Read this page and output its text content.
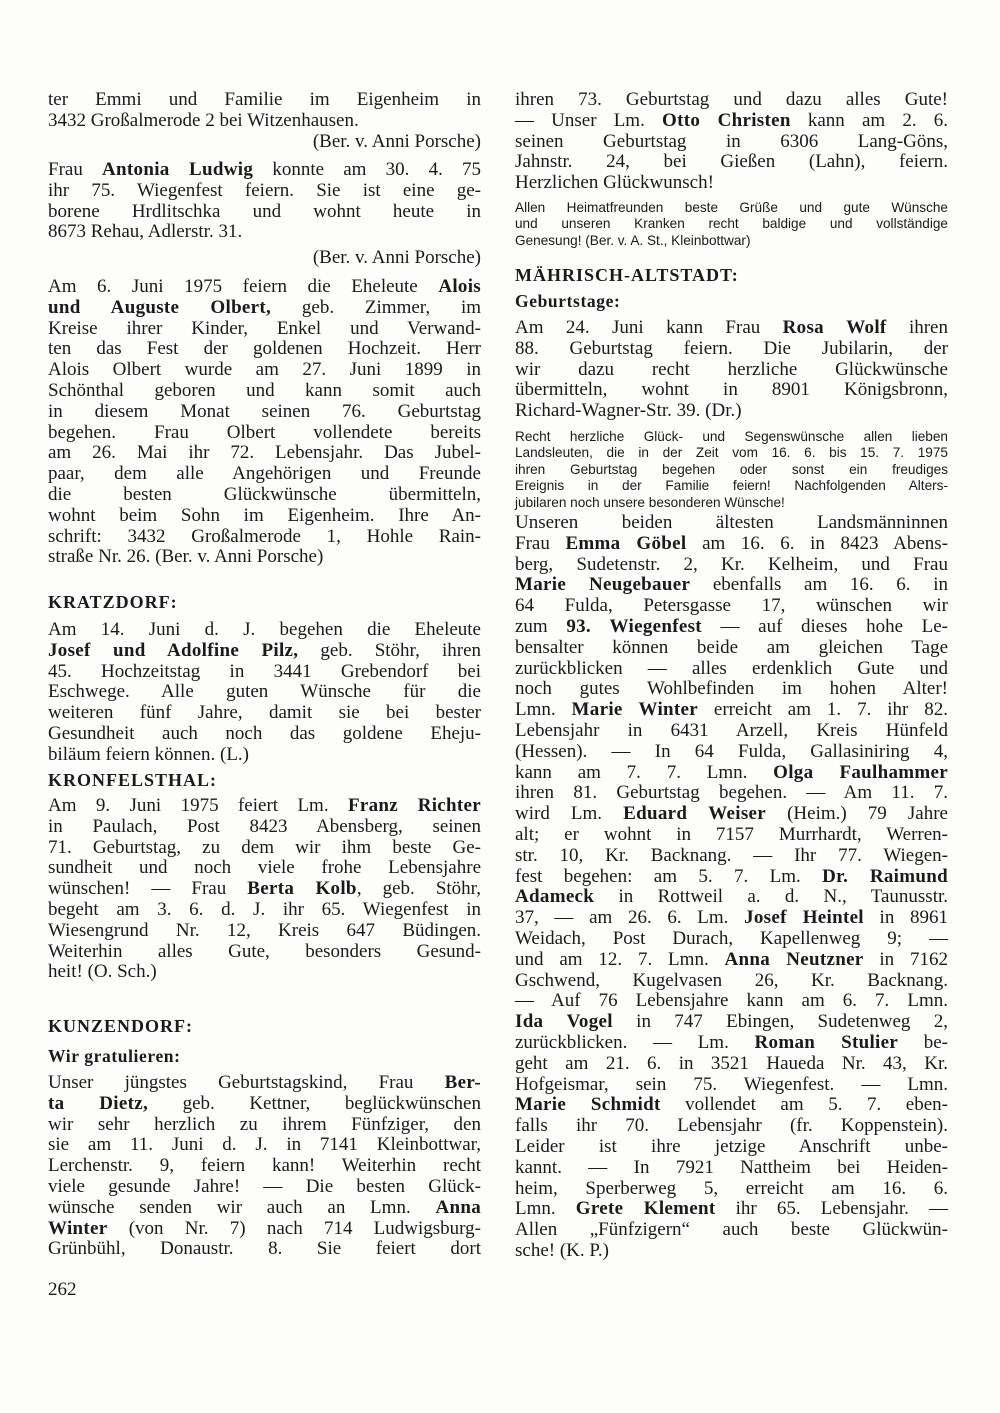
ter Emmi und Familie im Eigenheim in
3432 Großalmerode 2 bei Witzenhausen.
(Ber. v. Anni Porsche)
Frau Antonia Ludwig konnte am 30. 4. 75
ihr 75. Wiegenfest feiern. Sie ist eine ge-
borene Hrdlitschka und wohnt heute in
8673 Rehau, Adlerstr. 31.
(Ber. v. Anni Porsche)
Am 6. Juni 1975 feiern die Eheleute Alois
und Auguste Olbert, geb. Zimmer, im
Kreise ihrer Kinder, Enkel und Verwand-
ten das Fest der goldenen Hochzeit. Herr
Alois Olbert wurde am 27. Juni 1899 in
Schönthal geboren und kann somit auch
in diesem Monat seinen 76. Geburtstag
begehen. Frau Olbert vollendete bereits
am 26. Mai ihr 72. Lebensjahr. Das Jubel-
paar, dem alle Angehörigen und Freunde
die besten Glückwünsche übermitteln,
wohnt beim Sohn im Eigenheim. Ihre An-
schrift: 3432 Großalmerode 1, Hohle Rain-
straße Nr. 26. (Ber. v. Anni Porsche)
KRATZDORF:
Am 14. Juni d. J. begehen die Eheleute
Josef und Adolfine Pilz, geb. Stöhr, ihren
45. Hochzeitstag in 3441 Grebendorf bei
Eschwege. Alle guten Wünsche für die
weiteren fünf Jahre, damit sie bei bester
Gesundheit auch noch das goldene Eheju-
biläum feiern können. (L.)
KRONFELSTHAL:
Am 9. Juni 1975 feiert Lm. Franz Richter
in Paulach, Post 8423 Abensberg, seinen
71. Geburtstag, zu dem wir ihm beste Ge-
sundheit und noch viele frohe Lebensjahre
wünschen! — Frau Berta Kolb, geb. Stöhr,
begeht am 3. 6. d. J. ihr 65. Wiegenfest in
Wiesengrund Nr. 12, Kreis 647 Büdingen.
Weiterhin alles Gute, besonders Gesund-
heit! (O. Sch.)
KUNZENDORF:
Wir gratulieren:
Unser jüngstes Geburtstagskind, Frau Ber-
ta Dietz, geb. Kettner, beglückwünschen
wir sehr herzlich zu ihrem Fünfziger, den
sie am 11. Juni d. J. in 7141 Kleinbottwar,
Lerchenstr. 9, feiern kann! Weiterhin recht
viele gesunde Jahre! — Die besten Glück-
wünsche senden wir auch an Lmn. Anna
Winter (von Nr. 7) nach 714 Ludwigsburg-
Grünbühl, Donaustr. 8. Sie feiert dort
262
ihren 73. Geburtstag und dazu alles Gute!
— Unser Lm. Otto Christen kann am 2. 6.
seinen Geburtstag in 6306 Lang-Göns,
Jahnstr. 24, bei Gießen (Lahn), feiern.
Herzlichen Glückwunsch!
Allen Heimatfreunden beste Grüße und gute Wünsche
und unseren Kranken recht baldige und vollständige
Genesung! (Ber. v. A. St., Kleinbottwar)
MÄHRISCH-ALTSTADT:
Geburtstage:
Am 24. Juni kann Frau Rosa Wolf ihren
88. Geburtstag feiern. Die Jubilarin, der
wir dazu recht herzliche Glückwünsche
übermitteln, wohnt in 8901 Königsbronn,
Richard-Wagner-Str. 39. (Dr.)
Recht herzliche Glück- und Segenswünsche allen lieben
Landsleuten, die in der Zeit vom 16. 6. bis 15. 7. 1975
ihren Geburtstag begehen oder sonst ein freudiges
Ereignis in der Familie feiern! Nachfolgenden Alters-
jubilaren noch unsere besonderen Wünsche!
Unseren beiden ältesten Landsmänninnen
Frau Emma Göbel am 16. 6. in 8423 Abens-
berg, Sudetenstr. 2, Kr. Kelheim, und Frau
Marie Neugebauer ebenfalls am 16. 6. in
64 Fulda, Petersgasse 17, wünschen wir
zum 93. Wiegenfest — auf dieses hohe Le-
bensalter können beide am gleichen Tage
zurückblicken — alles erdenklich Gute und
noch gutes Wohlbefinden im hohen Alter!
Lmn. Marie Winter erreicht am 1. 7. ihr 82.
Lebensjahr in 6431 Arzell, Kreis Hünfeld
(Hessen). — In 64 Fulda, Gallasiniring 4,
kann am 7. 7. Lmn. Olga Faulhammer
ihren 81. Geburtstag begehen. — Am 11. 7.
wird Lm. Eduard Weiser (Heim.) 79 Jahre
alt; er wohnt in 7157 Murrhardt, Werren-
str. 10, Kr. Backnang. — Ihr 77. Wiegen-
fest begehen: am 5. 7. Lm. Dr. Raimund
Adameck in Rottweil a. d. N., Taunusstr.
37, — am 26. 6. Lm. Josef Heintel in 8961
Weidach, Post Durach, Kapellenweg 9; —
und am 12. 7. Lmn. Anna Neutzner in 7162
Gschwend, Kugelvasen 26, Kr. Backnang.
— Auf 76 Lebensjahre kann am 6. 7. Lmn.
Ida Vogel in 747 Ebingen, Sudetenweg 2,
zurückblicken. — Lm. Roman Stulier be-
geht am 21. 6. in 3521 Haueda Nr. 43, Kr.
Hofgeismar, sein 75. Wiegenfest. — Lmn.
Marie Schmidt vollendet am 5. 7. eben-
falls ihr 70. Lebensjahr (fr. Koppenstein).
Leider ist ihre jetzige Anschrift unbe-
kannt. — In 7921 Nattheim bei Heiden-
heim, Sperberweg 5, erreicht am 16. 6.
Lmn. Grete Klement ihr 65. Lebensjahr. —
Allen „Fünfzigern“ auch beste Glückwün-
sche! (K. P.)
